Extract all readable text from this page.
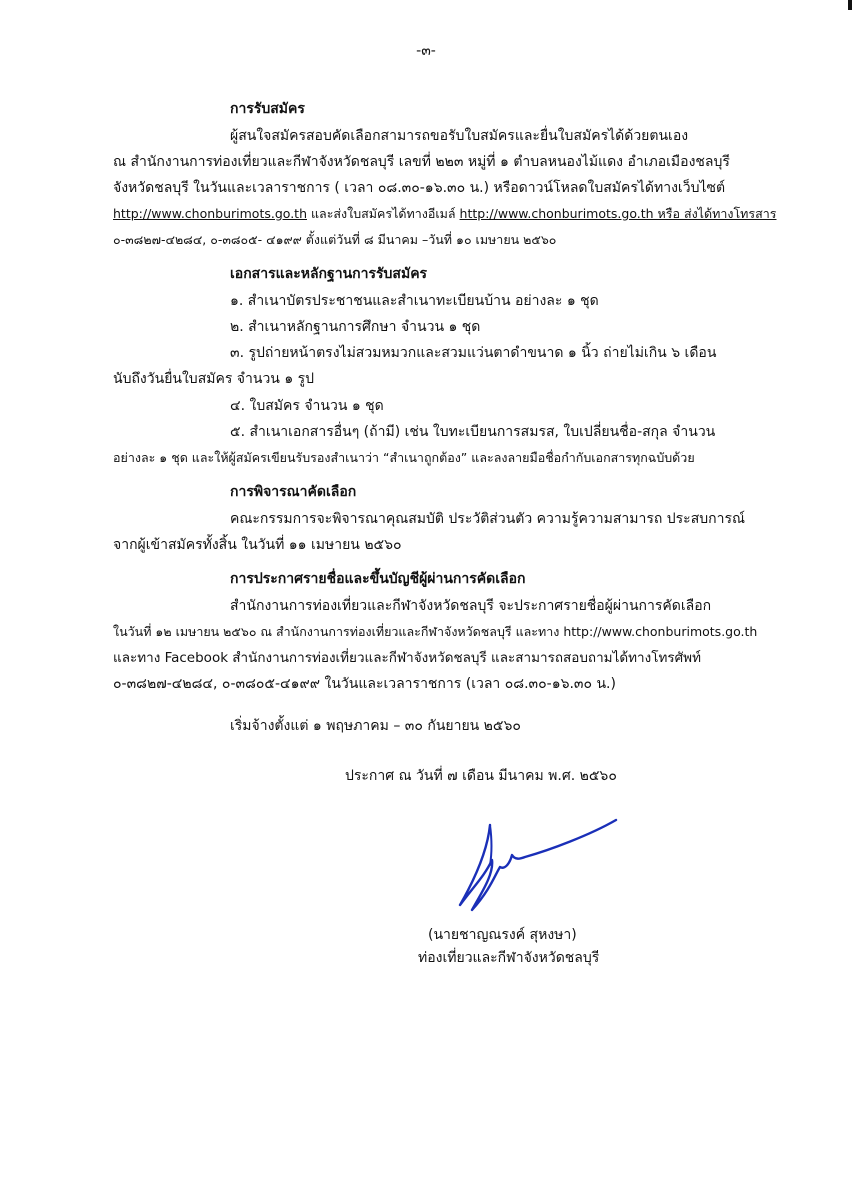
-๓-
การรับสมัคร
ผู้สนใจสมัครสอบคัดเลือกสามารถขอรับใบสมัครและยื่นใบสมัครได้ด้วยตนเอง
ณ สำนักงานการท่องเที่ยวและกีฬาจังหวัดชลบุรี เลขที่ ๒๒๓ หมู่ที่ ๑ ตำบลหนองไม้แดง อำเภอเมืองชลบุรี
จังหวัดชลบุรี ในวันและเวลาราชการ ( เวลา ๐๘.๓๐-๑๖.๓๐ น.) หรือดาวน์โหลดใบสมัครได้ทางเว็บไซต์
http://www.chonburimots.go.th และส่งใบสมัครได้ทางอีเมล์ http://www.chonburimots.go.th หรือ ส่งได้ทางโทรสาร
๐-๓๘๒๗-๔๒๘๔, ๐-๓๘๐๕- ๔๑๙๙ ตั้งแต่วันที่ ๘ มีนาคม –วันที่ ๑๐ เมษายน ๒๕๖๐
เอกสารและหลักฐานการรับสมัคร
๑. สำเนาบัตรประชาชนและสำเนาทะเบียนบ้าน อย่างละ ๑ ชุด
๒. สำเนาหลักฐานการศึกษา จำนวน ๑ ชุด
๓. รูปถ่ายหน้าตรงไม่สวมหมวกและสวมแว่นตาดำขนาด ๑ นิ้ว ถ่ายไม่เกิน ๖ เดือน
นับถึงวันยื่นใบสมัคร จำนวน ๑ รูป
๔. ใบสมัคร จำนวน ๑ ชุด
๕. สำเนาเอกสารอื่นๆ (ถ้ามี) เช่น ใบทะเบียนการสมรส, ใบเปลี่ยนชื่อ-สกุล จำนวน
อย่างละ ๑ ชุด และให้ผู้สมัครเขียนรับรองสำเนาว่า “สำเนาถูกต้อง” และลงลายมือชื่อกำกับเอกสารทุกฉบับด้วย
การพิจารณาคัดเลือก
คณะกรรมการจะพิจารณาคุณสมบัติ ประวัติส่วนตัว ความรู้ความสามารถ ประสบการณ์
จากผู้เข้าสมัครทั้งสิ้น ในวันที่ ๑๑ เมษายน ๒๕๖๐
การประกาศรายชื่อและขึ้นบัญชีผู้ผ่านการคัดเลือก
สำนักงานการท่องเที่ยวและกีฬาจังหวัดชลบุรี จะประกาศรายชื่อผู้ผ่านการคัดเลือก
ในวันที่ ๑๒ เมษายน ๒๕๖๐ ณ สำนักงานการท่องเที่ยวและกีฬาจังหวัดชลบุรี และทาง http://www.chonburimots.go.th
และทาง Facebook สำนักงานการท่องเที่ยวและกีฬาจังหวัดชลบุรี และสามารถสอบถามได้ทางโทรศัพท์
๐-๓๘๒๗-๔๒๘๔, ๐-๓๘๐๕-๔๑๙๙ ในวันและเวลาราชการ (เวลา ๐๘.๓๐-๑๖.๓๐ น.)
เริ่มจ้างตั้งแต่ ๑ พฤษภาคม – ๓๐ กันยายน ๒๕๖๐
ประกาศ ณ วันที่ ๗ เดือน มีนาคม พ.ศ. ๒๕๖๐
(นายชาญณรงค์ สุหงษา)
ท่องเที่ยวและกีฬาจังหวัดชลบุรี
